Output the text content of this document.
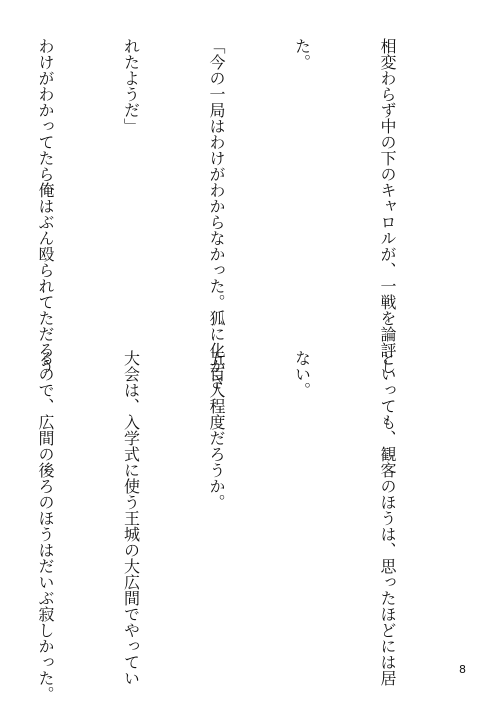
相変わらず中の下のキャロルが、一戦を論評し

た。

「今の一局はわけがわからなかった。狐に化かさ

れたようだ」

わけがわかってたら俺はぶん殴られてただろう

といっても、観客のほうは、思ったほどには居

ない。

五百人程度だろうか。

大会は、入学式に使う王城の大広間でやってい

るので、広間の後ろのほうはだいぶ寂しかった。

	8
